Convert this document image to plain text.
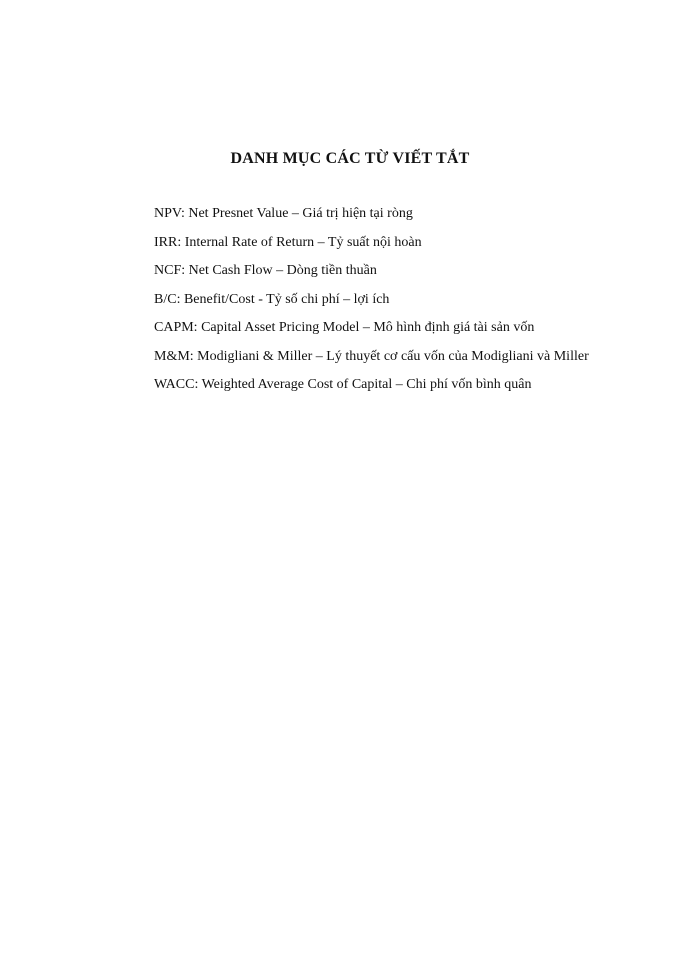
DANH MỤC CÁC TỪ VIẾT TẮT
NPV: Net Presnet Value – Giá trị hiện tại ròng
IRR: Internal Rate of Return – Tỷ suất nội hoàn
NCF: Net Cash Flow – Dòng tiền thuần
B/C: Benefit/Cost - Tỷ số chi phí – lợi ích
CAPM: Capital Asset Pricing Model – Mô hình định giá tài sản vốn
M&M: Modigliani & Miller – Lý thuyết cơ cấu vốn của Modigliani và Miller
WACC: Weighted Average Cost of Capital – Chi phí vốn bình quân
